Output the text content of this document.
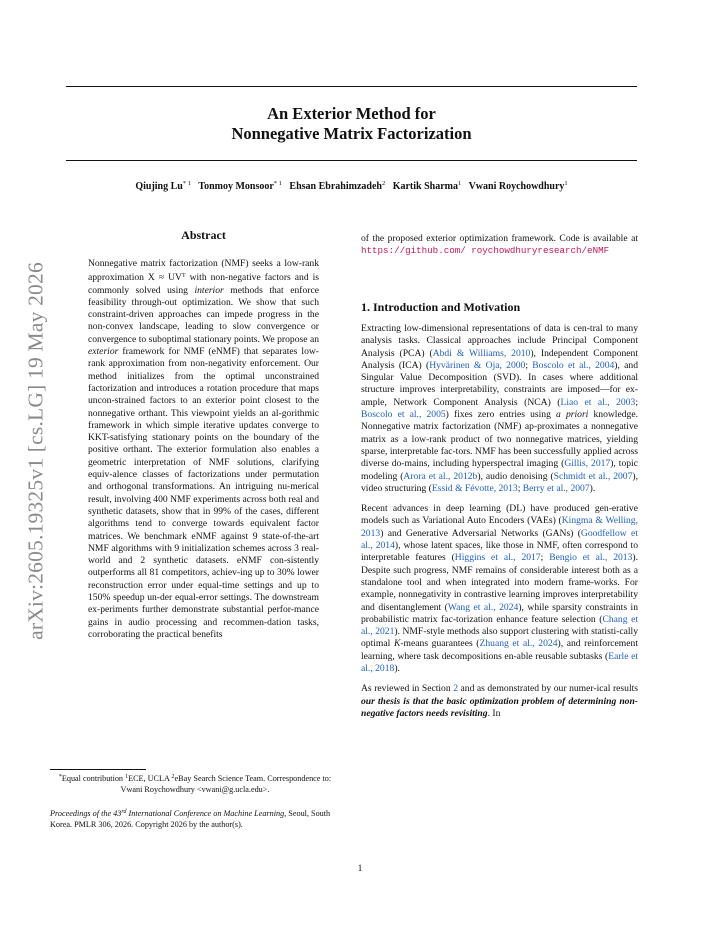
An Exterior Method for
Nonnegative Matrix Factorization
Qiujing Lu$^{* 1}$ Tonmoy Monsoor$^{* 1}$ Ehsan Ebrahimzadeh$^2$ Kartik Sharma$^1$ Vwani Roychowdhury$^1$
arXiv:2605.19325v1 [cs.LG] 19 May 2026
Abstract

Nonnegative matrix factorization (NMF) seeks a low-rank approximation $X \approx UV^T$ with non-negative factors and is commonly solved using interior methods that enforce feasibility through-out optimization. We show that such constraint-driven approaches can impede progress in the non-convex landscape, leading to slow convergence or convergence to suboptimal stationary points. We propose an exterior framework for NMF (eNMF) that separates low-rank approximation from non-negativity enforcement. Our method initializes from the optimal unconstrained factorization and introduces a rotation procedure that maps uncon-strained factors to an exterior point closest to the nonnegative orthant. This viewpoint yields an al-gorithmic framework in which simple iterative updates converge to KKT-satisfying stationary points on the boundary of the positive orthant. The exterior formulation also enables a geometric interpretation of NMF solutions, clarifying equiv-alence classes of factorizations under permutation and orthogonal transformations. An intriguing nu-merical result, involving 400 NMF experiments across both real and synthetic datasets, show that in 99% of the cases, different algorithms tend to converge towards equivalent factor matrices. We benchmark eNMF against 9 state-of-the-art NMF algorithms with 9 initialization schemes across 3 real-world and 2 synthetic datasets. eNMF con-sistently outperforms all 81 competitors, achiev-ing up to 30% lower reconstruction error under equal-time settings and up to 150% speedup un-der equal-error settings. The downstream ex-periments further demonstrate substantial perfor-mance gains in audio processing and recommen-dation tasks, corroborating the practical benefits

*Equal contribution $^1$ECE, UCLA $^2$eBay Search Science Team. Correspondence to: Vwani Roychowdhury <vwani@g.ucla.edu>.
Proceedings of the 43rd International Conference on Machine Learning, Seoul, South Korea. PMLR 306, 2026. Copyright 2026 by the author(s).

of the proposed exterior optimization framework. Code is available at https://github.com/ roychowdhuryresearch/eNMF

1. Introduction and Motivation

Extracting low-dimensional representations of data is cen-tral to many analysis tasks. Classical approaches include Principal Component Analysis (PCA) (Abdi & Williams, 2010), Independent Component Analysis (ICA) (Hyvärinen & Oja, 2000; Boscolo et al., 2004), and Singular Value Decomposition (SVD). In cases where additional structure improves interpretability, constraints are imposed—for ex-ample, Network Component Analysis (NCA) (Liao et al., 2003; Boscolo et al., 2005) fixes zero entries using a priori knowledge. Nonnegative matrix factorization (NMF) ap-proximates a nonnegative matrix as a low-rank product of two nonnegative matrices, yielding sparse, interpretable fac-tors. NMF has been successfully applied across diverse do-mains, including hyperspectral imaging (Gillis, 2017), topic modeling (Arora et al., 2012b), audio denoising (Schmidt et al., 2007), video structuring (Essid & Févotte, 2013; Berry et al., 2007).

Recent advances in deep learning (DL) have produced gen-erative models such as Variational Auto Encoders (VAEs) (Kingma & Welling, 2013) and Generative Adversarial Networks (GANs) (Goodfellow et al., 2014), whose latent spaces, like those in NMF, often correspond to interpretable features (Higgins et al., 2017; Bengio et al., 2013). Despite such progress, NMF remains of considerable interest both as a standalone tool and when integrated into modern frame-works. For example, nonnegativity in contrastive learning improves interpretability and disentanglement (Wang et al., 2024), while sparsity constraints in probabilistic matrix fac-torization enhance feature selection (Chang et al., 2021). NMF-style methods also support clustering with statisti-cally optimal K-means guarantees (Zhuang et al., 2024), and reinforcement learning, where task decompositions en-able reusable subtasks (Earle et al., 2018).

As reviewed in Section 2 and as demonstrated by our numer-ical results our thesis is that the basic optimization problem of determining non-negative factors needs revisiting. In

1
